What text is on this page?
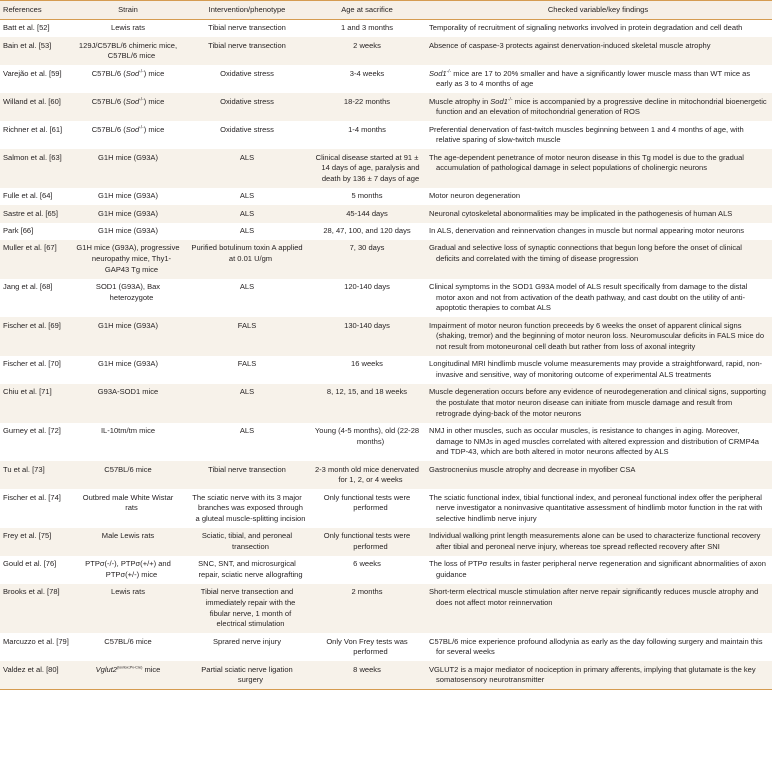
References	Strain	Intervention/phenotype	Age at sacrifice	Checked variable/key findings
Batt et al. [52]	Lewis rats	Tibial nerve transection	1 and 3 months	Temporality of recruitment of signaling networks involved in protein degradation and cell death
Bain et al. [53]	129J/C57BL/6 chimeric mice, C57BL/6 mice	Tibial nerve transection	2 weeks	Absence of caspase-3 protects against denervation-induced skeletal muscle atrophy
Varejão et al. [59]	C57BL/6 (Sod-/-) mice	Oxidative stress	3-4 weeks	Sod1-/- mice are 17 to 20% smaller and have a significantly lower muscle mass than WT mice as early as 3 to 4 months of age
Willand et al. [60]	C57BL/6 (Sod-/-) mice	Oxidative stress	18-22 months	Muscle atrophy in Sod1-/- mice is accompanied by a progressive decline in mitochondrial bioenergetic function and an elevation of mitochondrial generation of ROS
Richner et al. [61]	C57BL/6 (Sod-/-) mice	Oxidative stress	1-4 months	Preferential denervation of fast-twitch muscles beginning between 1 and 4 months of age, with relative sparing of slow-twitch muscle
Salmon et al. [63]	G1H mice (G93A)	ALS	Clinical disease started at 91 ± 14 days of age, paralysis and death by 136 ± 7 days of age	The age-dependent penetrance of motor neuron disease in this Tg model is due to the gradual accumulation of pathological damage in select populations of cholinergic neurons
Fulle et al. [64]	G1H mice (G93A)	ALS	5 months	Motor neuron degeneration
Sastre et al. [65]	G1H mice (G93A)	ALS	45-144 days	Neuronal cytoskeletal abonormalities may be implicated in the pathogenesis of human ALS
Park [66]	G1H mice (G93A)	ALS	28, 47, 100, and 120 days	In ALS, denervation and reinnervation changes in muscle but normal appearing motor neurons
Muller et al. [67]	G1H mice (G93A), progressive neuropathy mice, Thy1-GAP43 Tg mice	Purified botulinum toxin A applied at 0.01 U/gm	7, 30 days	Gradual and selective loss of synaptic connections that begun long before the onset of clinical deficits and correlated with the timing of disease progression
Jang et al. [68]	SOD1 (G93A), Bax heterozygote	ALS	120-140 days	Clinical symptoms in the SOD1 G93A model of ALS result specifically from damage to the distal motor axon and not from activation of the death pathway, and cast doubt on the utility of anti-apoptotic therapies to combat ALS
Fischer et al. [69]	G1H mice (G93A)	FALS	130-140 days	Impairment of motor neuron function preceeds by 6 weeks the onset of apparent clinical signs (shaking, tremor) and the beginning of motor neuron loss. Neuromuscular deficits in FALS mice do not result from motoneuronal cell death but rather from loss of axonal integrity
Fischer et al. [70]	G1H mice (G93A)	FALS	16 weeks	Longitudinal MRI hindlimb muscle volume measurements may provide a straightforward, rapid, non-invasive and sensitive, way of monitoring outcome of experimental ALS treatments
Chiu et al. [71]	G93A-SOD1 mice	ALS	8, 12, 15, and 18 weeks	Muscle degeneration occurs before any evidence of neurodegeneration and clinical signs, supporting the postulate that motor neuron disease can initiate from muscle damage and result from retrograde dying-back of the motor neurons
Gurney et al. [72]	IL-10tm/tm mice	ALS	Young (4-5 months), old (22-28 months)	NMJ in other muscles, such as occular muscles, is resistance to changes in aging. Moreover, damage to NMJs in aged muscles correlated with altered expression and distribution of CRMP4a and TDP-43, which are both altered in motor neurons affected by ALS
Tu et al. [73]	C57BL/6 mice	Tibial nerve transection	2-3 month old mice denervated for 1, 2, or 4 weeks	Gastrocnenius muscle atrophy and decrease in myofiber CSA
Fischer et al. [74]	Outbred male White Wistar rats	The sciatic nerve with its 3 major branches was exposed through a gluteal muscle-splitting incision	Only functional tests were performed	The sciatic functional index, tibial functional index, and peroneal functional index offer the peripheral nerve investigator a noninvasive quantitative assessment of hindlimb motor function in the rat with selective hindlimb nerve injury
Frey et al. [75]	Male Lewis rats	Sciatic, tibial, and peroneal transection	Only functional tests were performed	Individual walking print length measurements alone can be used to characterize functional recovery after tibial and peroneal nerve injury, whereas toe spread reflected recovery after SNI
Gould et al. [76]	PTPσ(-/-), PTPσ(+/+) and PTPσ(+/-) mice	SNC, SNT, and microsurgical repair, sciatic nerve allografting	6 weeks	The loss of PTPσ results in faster peripheral nerve regeneration and significant abnormalities of axon guidance
Brooks et al. [78]	Lewis rats	Tibial nerve transection and immediately repair with the fibular nerve, 1 month of electrical stimulation	2 months	Short-term electrical muscle stimulation after nerve repair significantly reduces muscle atrophy and does not affect motor reinnervation
Marcuzzo et al. [79]	C57BL/6 mice	Sprared nerve injury	Only Von Frey tests was performed	C57BL/6 mice experience profound allodynia as early as the day following surgery and maintain this for several weeks
Valdez et al. [80]	$Vglut2^{(lox/lox;Pv-Cre)}$ mice	Partial sciatic nerve ligation surgery	8 weeks	VGLUT2 is a major mediator of nociception in primary afferents, implying that glutamate is the key somatosensory neurotransmitter
